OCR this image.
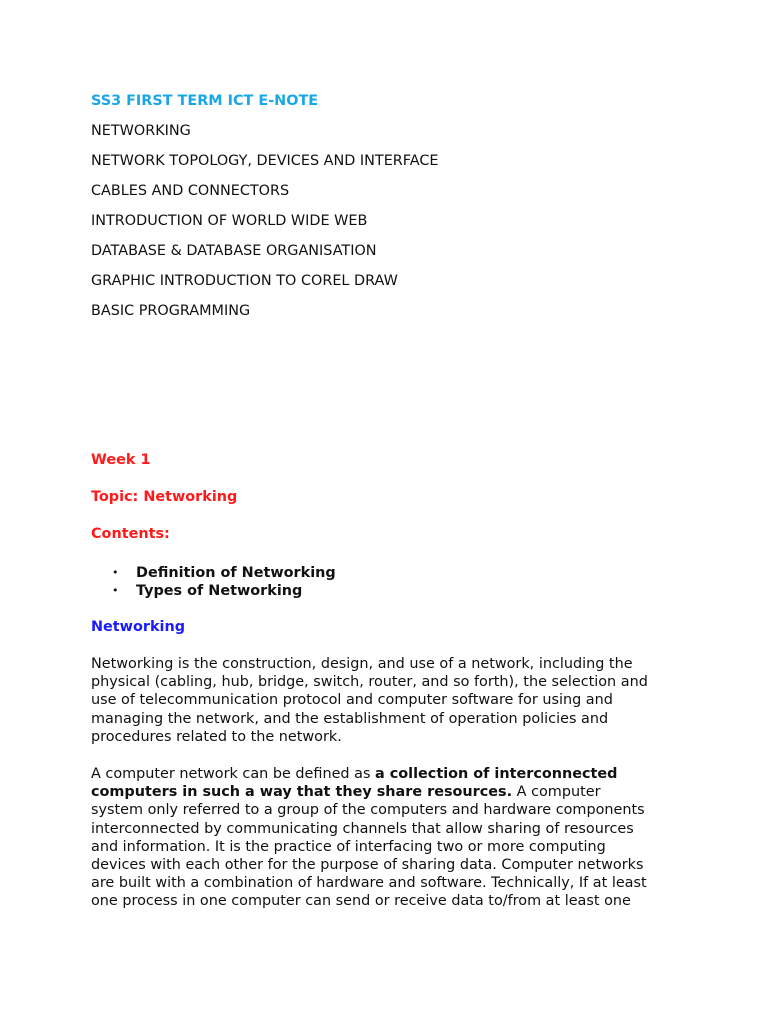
SS3 FIRST TERM ICT E-NOTE
NETWORKING
NETWORK TOPOLOGY, DEVICES AND INTERFACE
CABLES AND CONNECTORS
INTRODUCTION OF WORLD WIDE WEB
DATABASE & DATABASE ORGANISATION
GRAPHIC INTRODUCTION TO COREL DRAW
BASIC PROGRAMMING
Week 1
Topic: Networking
Contents:
• Definition of Networking
• Types of Networking
Networking
Networking is the construction, design, and use of a network, including the
physical (cabling, hub, bridge, switch, router, and so forth), the selection and
use of telecommunication protocol and computer software for using and
managing the network, and the establishment of operation policies and
procedures related to the network.
A computer network can be defined as a collection of interconnected
computers in such a way that they share resources. A computer
system only referred to a group of the computers and hardware components
interconnected by communicating channels that allow sharing of resources
and information. It is the practice of interfacing two or more computing
devices with each other for the purpose of sharing data. Computer networks
are built with a combination of hardware and software. Technically, If at least
one process in one computer can send or receive data to/from at least one
